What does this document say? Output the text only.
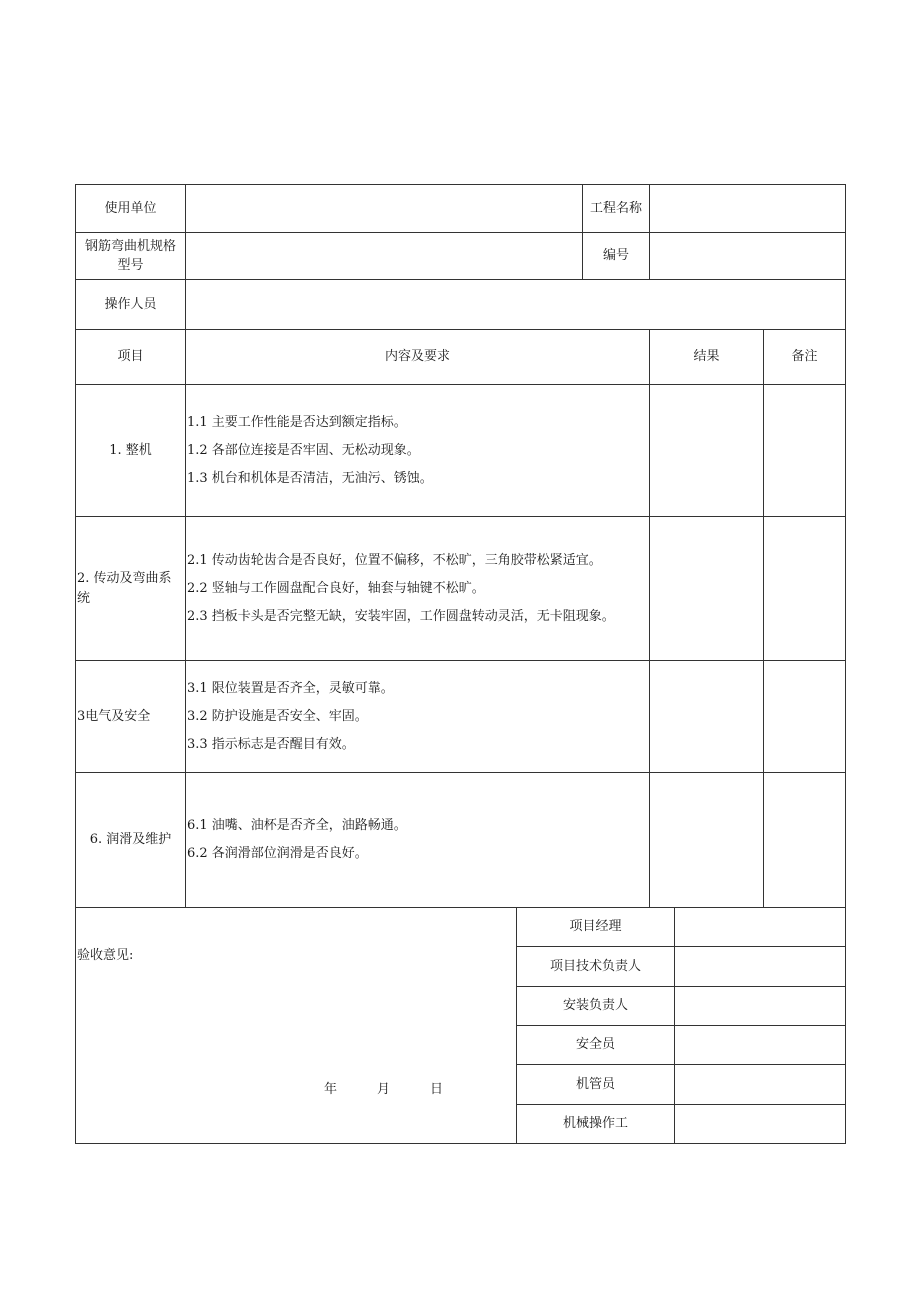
使用单位		工程名称		
钢筋弯曲机规格型号		编号		
操作人员				
项目	内容及要求		结果	备注
1. 整机	1.1 主要工作性能是否达到额定指标。
1.2 各部位连接是否牢固、无松动现象。
1.3 机台和机体是否清洁，无油污、锈蚀。			

2. 传动及弯曲系统	2.1 传动齿轮齿合是否良好，位置不偏移，不松旷，三角胶带松紧适宜。
2.2 竖轴与工作圆盘配合良好，轴套与轴键不松旷。
2.3 挡板卡头是否完整无缺，安装牢固，工作圆盘转动灵活，无卡阻现象。			

3电气及安全	3.1 限位装置是否齐全，灵敏可靠。
3.2 防护设施是否安全、牢固。
3.3 指示标志是否醒目有效。			

6. 润滑及维护	6.1 油嘴、油杯是否齐全，油路畅通。
6.2 各润滑部位润滑是否良好。			

验收意见:
年 月 日	项目经理	
	项目技术负责人	
	安装负责人	
	安全员	
	机管员	
	机械操作工	
